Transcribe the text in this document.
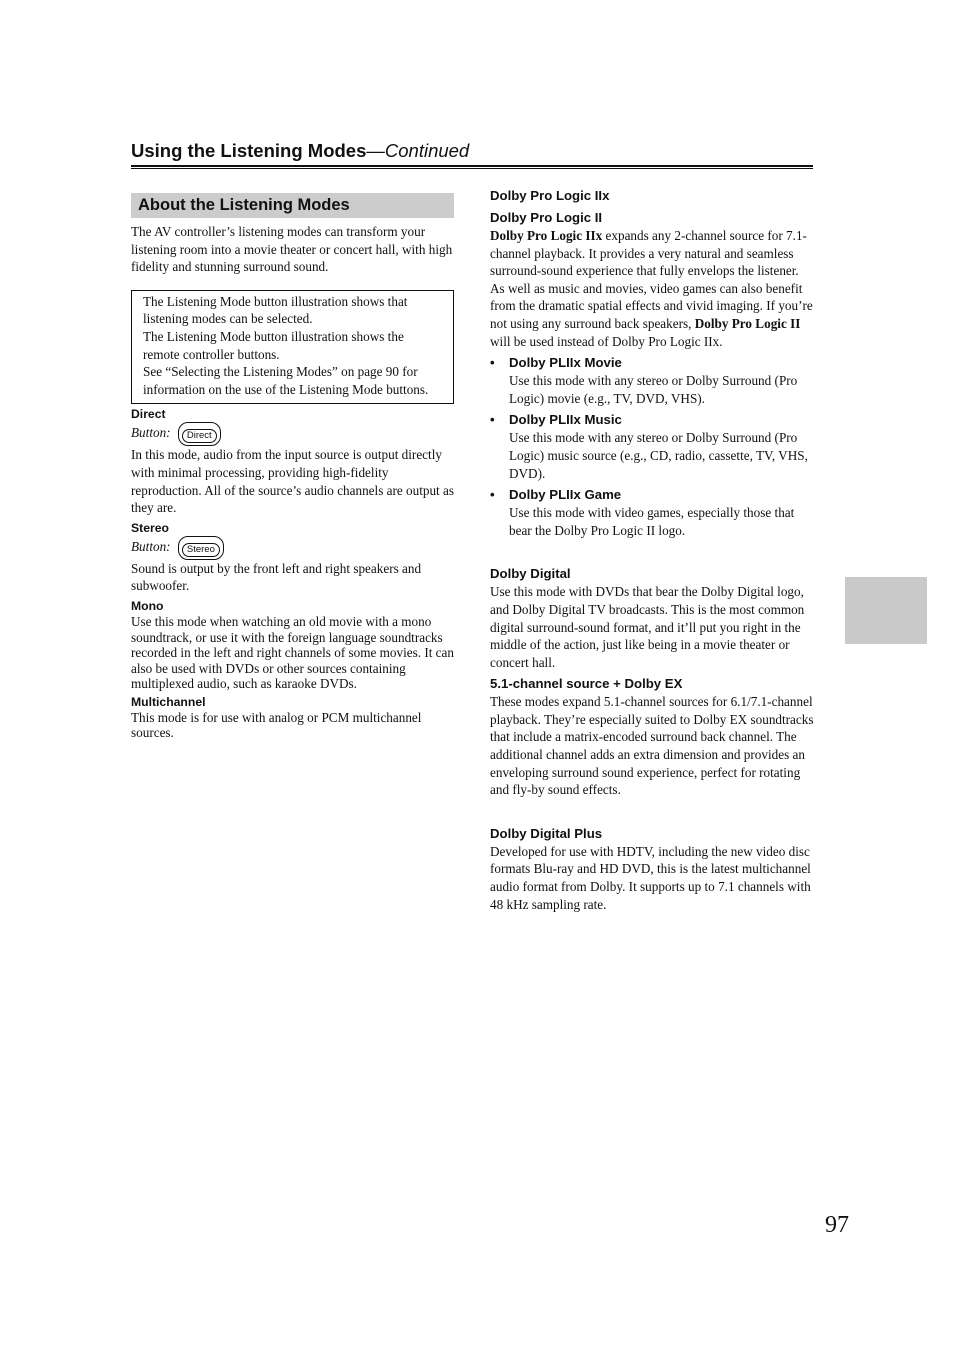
Using the Listening Modes—Continued
About the Listening Modes

The AV controller’s listening modes can transform your listening room into a movie theater or concert hall, with high fidelity and stunning surround sound.

The Listening Mode button illustration shows that listening modes can be selected.

The Listening Mode button illustration shows the remote controller buttons.

See “Selecting the Listening Modes” on page 90 for information on the use of the Listening Mode buttons.

Direct

Button: Direct

In this mode, audio from the input source is output directly with minimal processing, providing high-fidelity reproduction. All of the source’s audio channels are output as they are.

Stereo

Button: Stereo

Sound is output by the front left and right speakers and subwoofer.

Mono

Use this mode when watching an old movie with a mono soundtrack, or use it with the foreign language soundtracks recorded in the left and right channels of some movies. It can also be used with DVDs or other sources containing multiplexed audio, such as karaoke DVDs.

Multichannel

This mode is for use with analog or PCM multichannel sources.

Dolby Pro Logic IIx

Dolby Pro Logic II

Dolby Pro Logic IIx expands any 2-channel source for 7.1-channel playback. It provides a very natural and seamless surround-sound experience that fully envelops the listener. As well as music and movies, video games can also benefit from the dramatic spatial effects and vivid imaging. If you’re not using any surround back speakers, Dolby Pro Logic II will be used instead of Dolby Pro Logic IIx.

• Dolby PLIIx Movie

Use this mode with any stereo or Dolby Surround (Pro Logic) movie (e.g., TV, DVD, VHS).

• Dolby PLIIx Music

Use this mode with any stereo or Dolby Surround (Pro Logic) music source (e.g., CD, radio, cassette, TV, VHS, DVD).

• Dolby PLIIx Game

Use this mode with video games, especially those that bear the Dolby Pro Logic II logo.

Dolby Digital

Use this mode with DVDs that bear the Dolby Digital logo, and Dolby Digital TV broadcasts. This is the most common digital surround-sound format, and it’ll put you right in the middle of the action, just like being in a movie theater or concert hall.

5.1-channel source + Dolby EX

These modes expand 5.1-channel sources for 6.1/7.1-channel playback. They’re especially suited to Dolby EX soundtracks that include a matrix-encoded surround back channel. The additional channel adds an extra dimension and provides an enveloping surround sound experience, perfect for rotating and fly-by sound effects.

Dolby Digital Plus

Developed for use with HDTV, including the new video disc formats Blu-ray and HD DVD, this is the latest multichannel audio format from Dolby. It supports up to 7.1 channels with 48 kHz sampling rate.

97
